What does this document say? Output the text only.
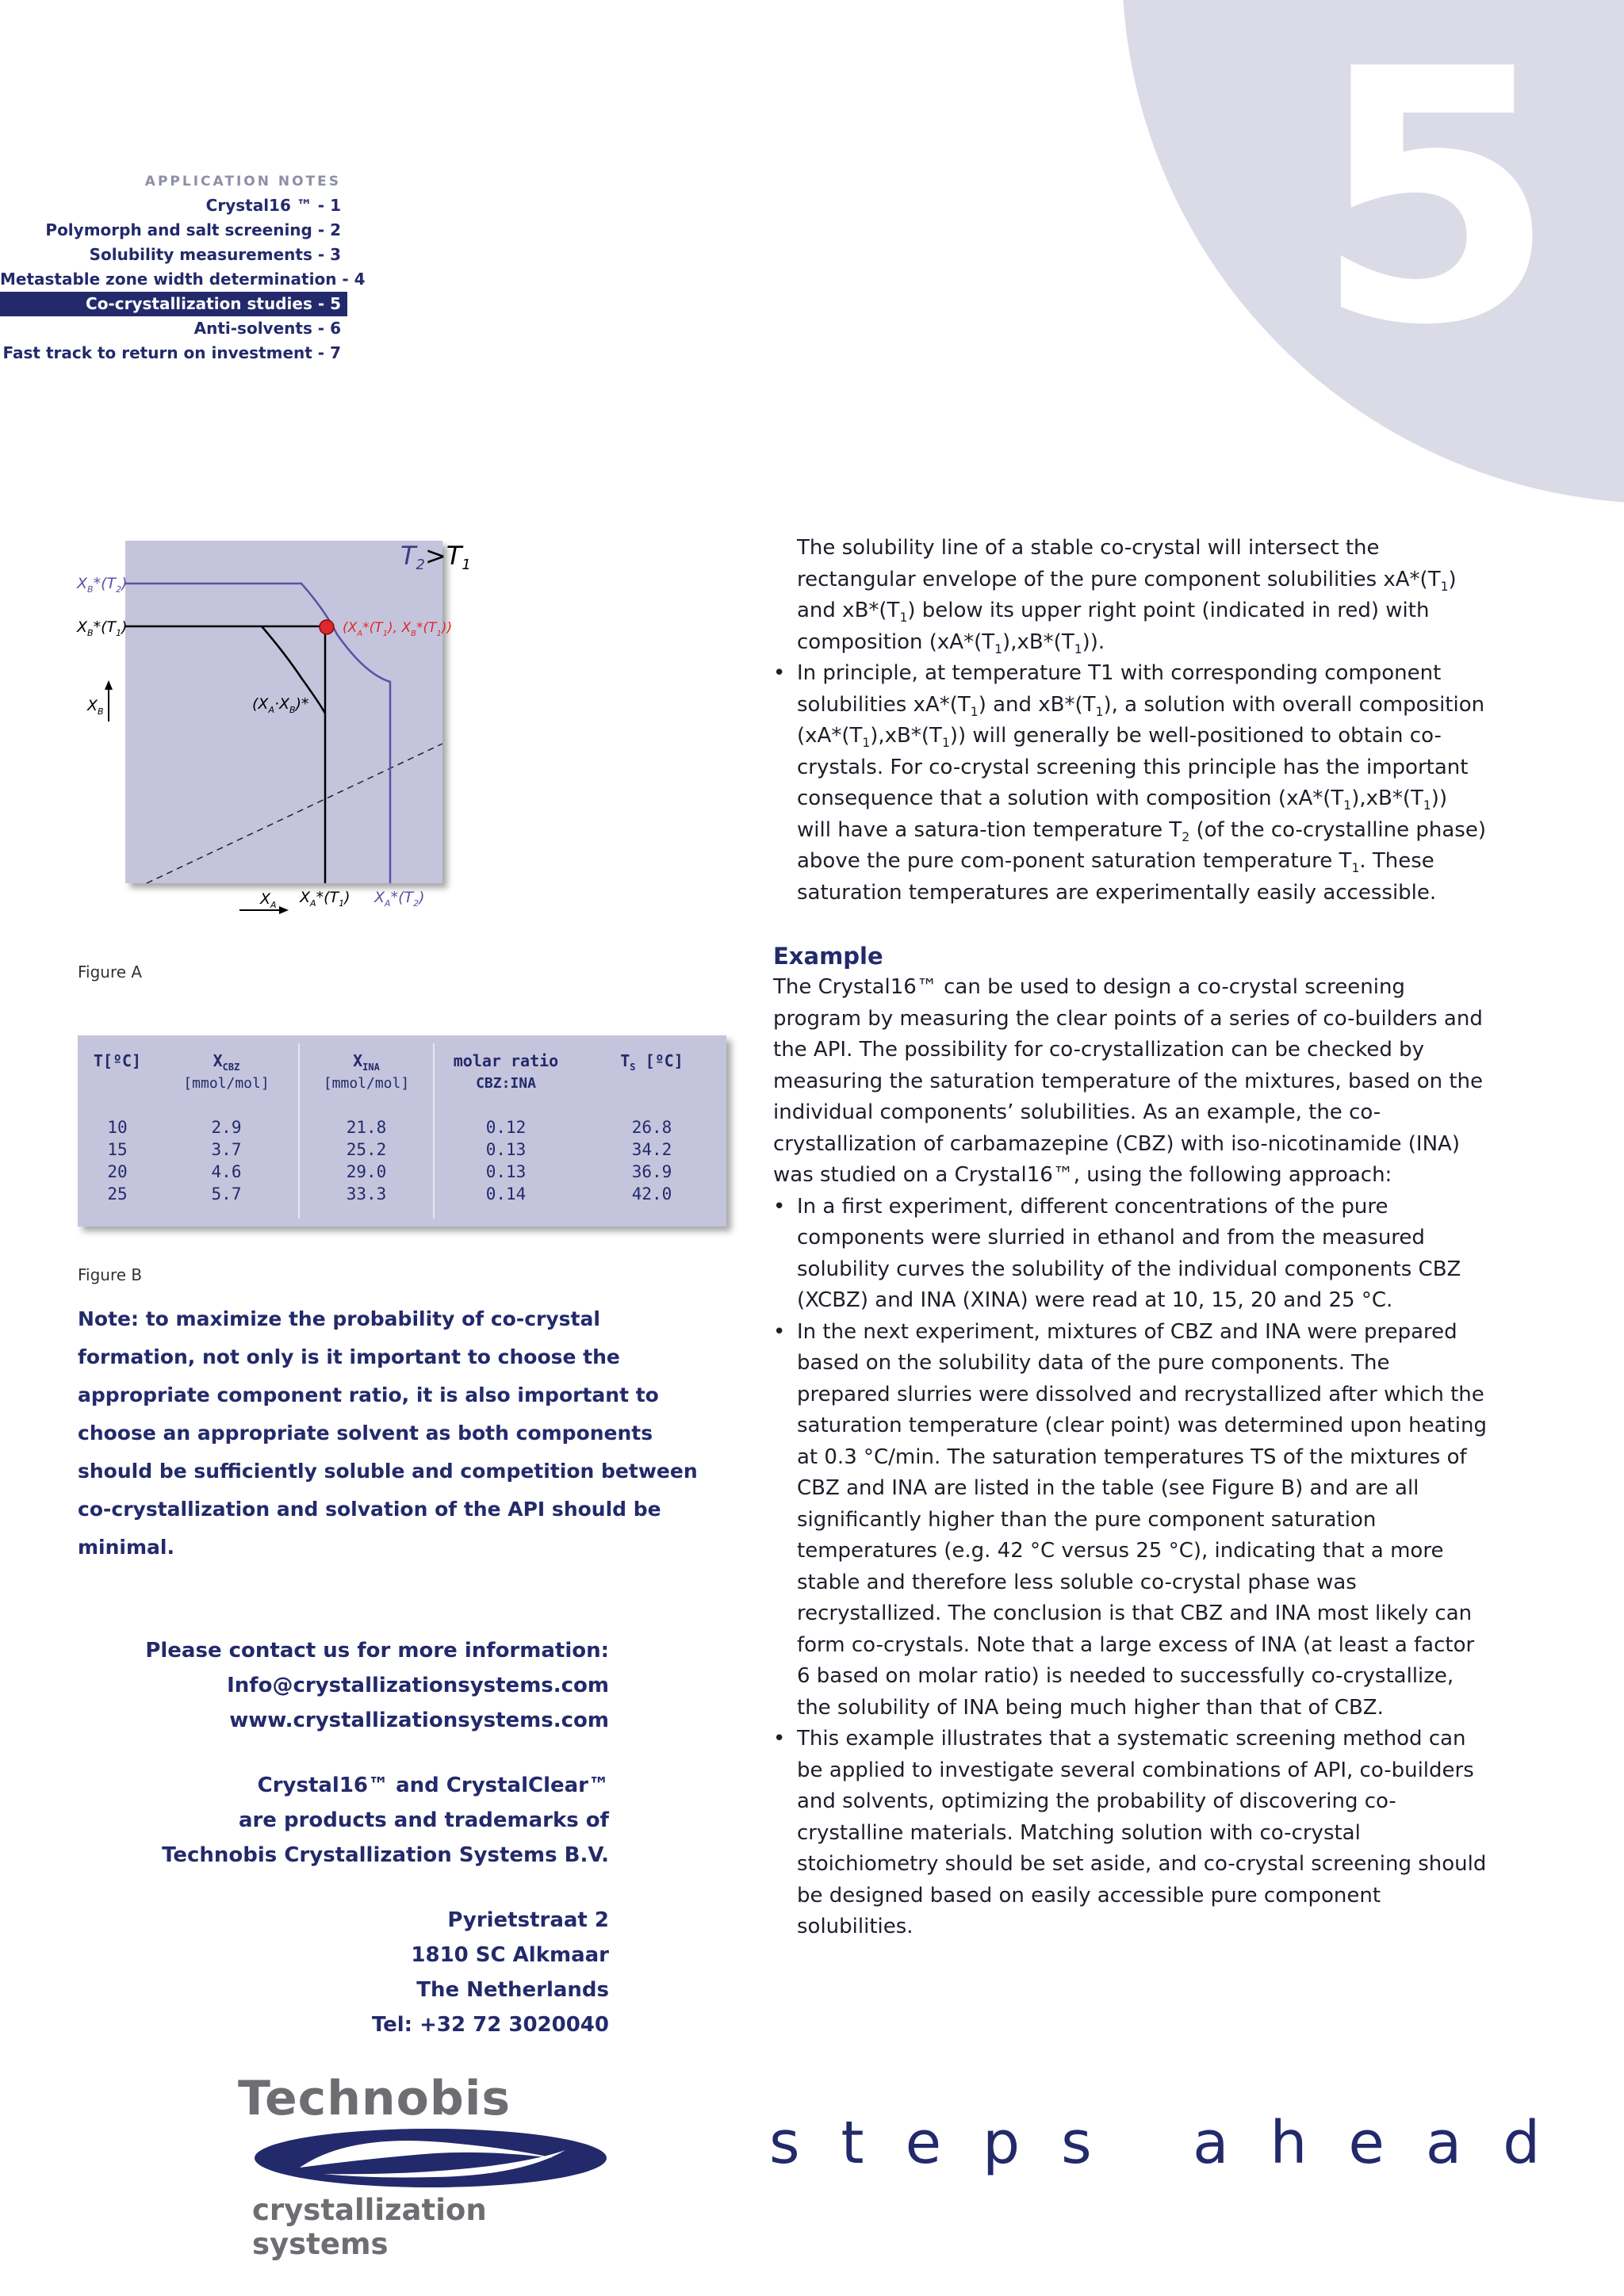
5
APPLICATION NOTES
Crystal16 ™ - 1
Polymorph and salt screening - 2
Solubility measurements - 3
Metastable zone width determination - 4
Co-crystallization studies - 5
Anti-solvents - 6
Fast track to return on investment - 7
T2>T1
$X_B*(T_2)$
$X_B*(T_1)$
$X_B$
$X_A$ $X_A*(T_1)$ $X_A*(T_2)$
($X_A*(T_1)$, $X_B*(T_1)$)
$(X_A\cdot X_B)*$
Figure A
T[ºC]
10
15
20
25
$X_{CBZ}$
[mmol/mol]
2.9
3.7
4.6
5.7
$X_{INA}$
[mmol/mol]
21.8
25.2
29.0
33.3
molar ratio
CBZ:INA
0.12
0.13
0.13
0.14
$T_S$ [ºC]
26.8
34.2
36.9
42.0
Figure B
Note: to maximize the probability of co-crystal formation, not only is it important to choose the appropriate component ratio, it is also important to choose an appropriate solvent as both components should be sufficiently soluble and competition between co-crystallization and solvation of the API should be minimal.
Please contact us for more information:
Info@crystallizationsystems.com
www.crystallizationsystems.com
Crystal16™ and CrystalClear™
are products and trademarks of
Technobis Crystallization Systems B.V.
Pyrietstraat 2
1810 SC Alkmaar
The Netherlands
Tel: +32 72 3020040
Technobis
crystallization systems
steps ahead

The solubility line of a stable co-crystal will intersect the rectangular envelope of the pure component solubilities $xA*(T_1)$ and $xB*(T_1)$ below its upper right point (indicated in red) with composition $(xA*(T_1),xB*(T_1))$.

• In principle, at temperature T1 with corresponding component solubilities $xA*(T_1)$ and $xB*(T_1)$, a solution with overall composition $(xA*(T_1),xB*(T_1))$ will generally be well-positioned to obtain co-crystals. For co-crystal screening this principle has the important consequence that a solution with composition $(xA*(T_1),xB*(T_1))$ will have a satura-tion temperature $T_2$ (of the co-crystalline phase) above the pure com-ponent saturation temperature $T_1$. These saturation temperatures are experimentally easily accessible.

Example

The Crystal16™ can be used to design a co-crystal screening program by measuring the clear points of a series of co-builders and the API. The possibility for co-crystallization can be checked by measuring the saturation temperature of the mixtures, based on the individual components’ solubilities. As an example, the co-crystallization of carbamazepine (CBZ) with iso-nicotinamide (INA) was studied on a Crystal16™, using the following approach:

• In a first experiment, different concentrations of the pure components were slurried in ethanol and from the measured solubility curves the solubility of the individual components CBZ (XCBZ) and INA (XINA) were read at 10, 15, 20 and 25 °C.

• In the next experiment, mixtures of CBZ and INA were prepared based on the solubility data of the pure components. The prepared slurries were dissolved and recrystallized after which the saturation temperature (clear point) was determined upon heating at 0.3 °C/min. The saturation temperatures TS of the mixtures of CBZ and INA are listed in the table (see Figure B) and are all significantly higher than the pure component saturation temperatures (e.g. 42 °C versus 25 °C), indicating that a more stable and therefore less soluble co-crystal phase was recrystallized. The conclusion is that CBZ and INA most likely can form co-crystals. Note that a large excess of INA (at least a factor 6 based on molar ratio) is needed to successfully co-crystallize, the solubility of INA being much higher than that of CBZ.

• This example illustrates that a systematic screening method can be applied to investigate several combinations of API, co-builders and solvents, optimizing the probability of discovering co-crystalline materials. Matching solution with co-crystal stoichiometry should be set aside, and co-crystal screening should be designed based on easily accessible pure component solubilities.
